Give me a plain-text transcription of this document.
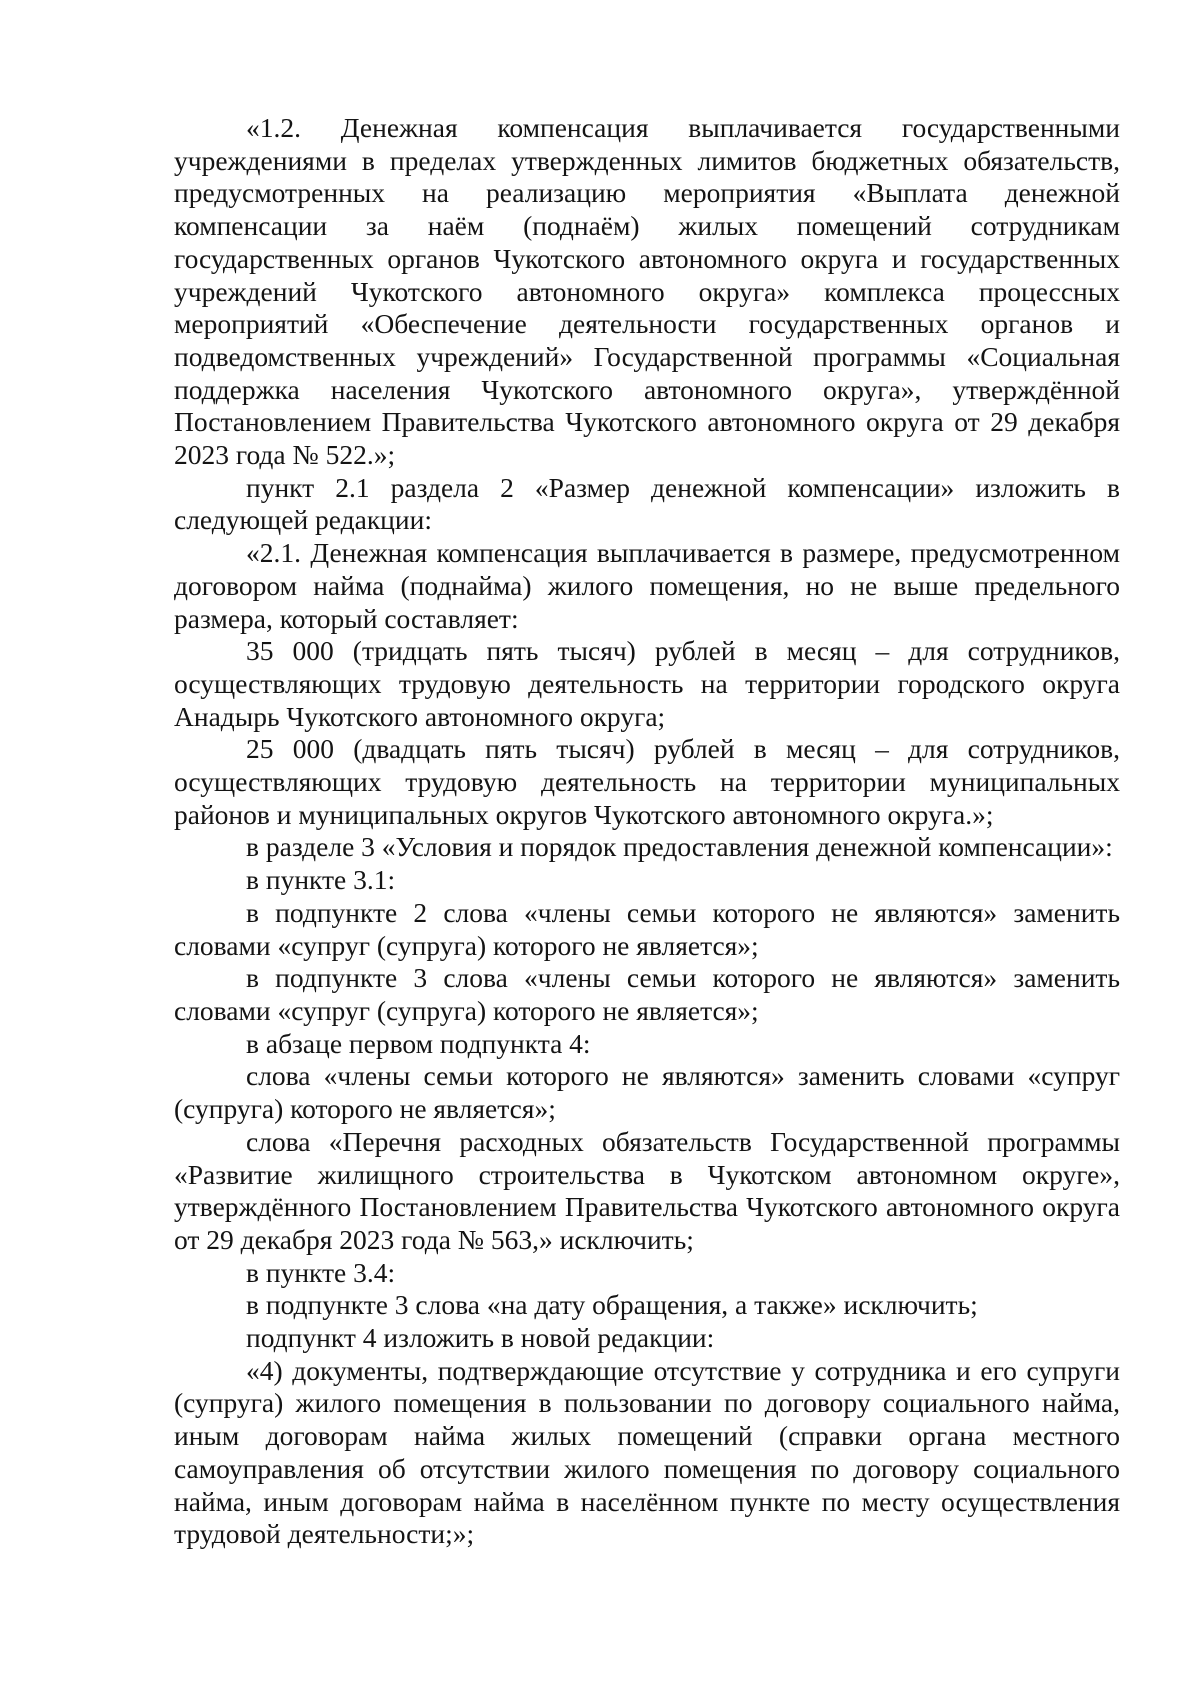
«1.2. Денежная компенсация выплачивается государственными учреждениями в пределах утвержденных лимитов бюджетных обязательств, предусмотренных на реализацию мероприятия «Выплата денежной компенсации за наём (поднаём) жилых помещений сотрудникам государственных органов Чукотского автономного округа и государственных учреждений Чукотского автономного округа» комплекса процессных мероприятий «Обеспечение деятельности государственных органов и подведомственных учреждений» Государственной программы «Социальная поддержка населения Чукотского автономного округа», утверждённой Постановлением Правительства Чукотского автономного округа от 29 декабря 2023 года № 522.»;

пункт 2.1 раздела 2 «Размер денежной компенсации» изложить в следующей редакции:

«2.1. Денежная компенсация выплачивается в размере, предусмотренном договором найма (поднайма) жилого помещения, но не выше предельного размера, который составляет:

35 000 (тридцать пять тысяч) рублей в месяц – для сотрудников, осуществляющих трудовую деятельность на территории городского округа Анадырь Чукотского автономного округа;

25 000 (двадцать пять тысяч) рублей в месяц – для сотрудников, осуществляющих трудовую деятельность на территории муниципальных районов и муниципальных округов Чукотского автономного округа.»;

в разделе 3 «Условия и порядок предоставления денежной компенсации»:

в пункте 3.1:

в подпункте 2 слова «члены семьи которого не являются» заменить словами «супруг (супруга) которого не является»;

в подпункте 3 слова «члены семьи которого не являются» заменить словами «супруг (супруга) которого не является»;

в абзаце первом подпункта 4:

слова «члены семьи которого не являются» заменить словами «супруг (супруга) которого не является»;

слова «Перечня расходных обязательств Государственной программы «Развитие жилищного строительства в Чукотском автономном округе», утверждённого Постановлением Правительства Чукотского автономного округа от 29 декабря 2023 года № 563,» исключить;

в пункте 3.4:

в подпункте 3 слова «на дату обращения, а также» исключить;

подпункт 4 изложить в новой редакции:

«4) документы, подтверждающие отсутствие у сотрудника и его супруги (супруга) жилого помещения в пользовании по договору социального найма, иным договорам найма жилых помещений (справки органа местного самоуправления об отсутствии жилого помещения по договору социального найма, иным договорам найма в населённом пункте по месту осуществления трудовой деятельности;»;
